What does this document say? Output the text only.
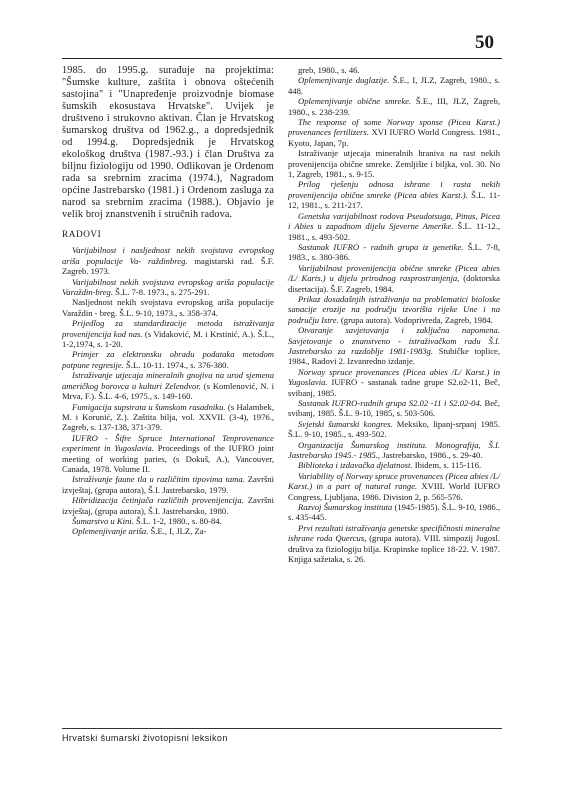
50

1985. do 1995.g. surađuje na projektima: "Šumske kulture, zaštita i obnova oštećenih sastojina" i "Unapređenje proizvodnje biomase šumskih ekosustava Hrvatske". Uvijek je društveno i strukovno aktivan. Član je Hrvatskog šumarskog društva od 1962.g., a dopredsjednik od 1994.g. Dopredsjednik je Hrvatskog ekološkog društva (1987.-93.) i član Društva za biljnu fiziologiju od 1990. Odlikovan je Ordenom rada sa srebrnim zracima (1974.), Nagradom općine Jastrebarsko (1981.) i Ordenom zasluga za narod sa srebrnim zracima (1988.). Objavio je velik broj znanstvenih i stručnih radova.

RADOVI

Varijabilnost i nasljednost nekih svojstava evropskog ariša populacije Va- raždinbreg. magistarski rad. Š.F. Zagreb. 1973.

Varijabilnost nekih svojstava evropskog ariša populacije Varaždin-breg. Š.L. 7-8. 1973., s. 275-291.

Nasljednost nekih svojstava evropskog ariša populacije Varaždin - breg. Š.L. 9-10, 1973., s. 358-374.

Prijedlog za standardizacije metoda istraživanja provenijencija kod nas. (s Vidaković, M. i Krstinić, A.). Š.L., 1-2,1974, s. 1-20.

Primjer za elektronsku obradu podataka metodom potpune regresije. Š.L. 10-11. 1974., s. 376-380.

Istraživanje utjecaja mineralnih gnojiva na urod sjemena američkog borovca u kulturi Zelendvor. (s Komlenović, N. i Mrva, F.). Š.L. 4-6, 1975., s. 149-160.

Fumigacija supstrata u šumskom rasadniku. (s Halambek, M. i Korunić, Z.). Zaštita bilja, vol. XXVII. (3-4), 1976., Zagreb, s. 137-138, 371-379.

IUFRO - Šifre Spruce International Tenprovenance experiment in Yugoslavia. Proceedings of the IUFRO joint meeting of working paries, (s Dokuš, A.), Vancouver, Canada, 1978. Volume II.

Istraživanje faune tla u različitim tipovima tama. Završni izvještaj, (grupa autora), Š.I. Jastrebarsko, 1979.

Hibridizacija četinjača različitih provenijencija. Završni izvještaj, (grupa autora), Š.I. Jastrebarsko, 1980.

Šumarstvo u Kini. Š.L. 1-2, 1980., s. 80-84.

Oplemenjivanje ariša. Š.E., I, JLZ, Za-

greb, 1980., s. 46.

Oplemenjivanje duglazije. Š.E., I, JLZ, Zagreb, 1980., s. 448.

Oplemenjivanje obične smreke. Š.E., III, JLZ, Zagreb, 1980., s. 238-239.

The response of some Norway sponse (Picea Karst.) provenances fertilizers. XVI IUFRO World Congress. 1981., Kyoto, Japan, 7p.

Istraživanje utjecaja mineralnih hraniva na rast nekih provenijencija obične smreke. Zemljište i biljka, vol. 30. No 1, Zagreb, 1981., s. 9-15.

Prilog rješenju odnosa ishrane i rasta nekih provenijencija obične smreke (Picea abies Karst.). Š.L. 11-12, 1981., s. 211-217.

Genetska varijabilnost rodova Pseudotsuga, Pinus, Picea i Abies u zapadnom dijelu Sjeverne Amerike. Š.L. 11-12., 1981., s. 493-502.

Sastanak IUFRO - radnih grupa iz genetike. Š.L. 7-8, 1983., s. 380-386.

Varijabilnost provenijencija obične smreke (Picea abies /L/ Karts.) u dijelu prirodnog rasprostranjenja, (doktorska disertacija). Š.F. Zagreb, 1984.

Prikaz dosadašnjih istraživanja na problematici bioloske sanacije erozije na području izvorišta rijeke Une i na području Istre. (grupa autora). Vodoprivreda, Zagreb, 1984.

Otvaranje savjetovanja i zaključna napomena. Savjetovanje o znanstveno - istraživačkom radu Š.I. Jastrebarsko za razdoblje 1981-1983g. Stubičke toplice, 1984., Radovi 2. Izvanredno izdanje.

Norway spruce provenances (Picea abies /L/ Karst.) in Yugoslavia. IUFRO - sastanak radne grupe S2.o2-11, Beč, svibanj, 1985.

Sastanak IUFRO-radnih grupa S2.02 -11 i S2.02-04. Beč, svibanj, 1985. Š.L. 9-10, 1985, s. 503-506.

Svjetski šumarski kongres. Meksiko, lipanj-srpanj 1985. Š.L. 9-10, 1985., s. 493-502.

Organizacija Šumarskog instituta. Monografija, Š.I. Jastrebarsko 1945.- 1985., Jastrebarsko, 1986., s. 29-40.

Biblioteka i izdavačka djelatnost. Ibidem, s. 115-116.

Variability of Norway spruce provenances (Picea abies /L/ Karst.) in a part of natural range. XVIII. World IUFRO Congress, Ljubljana, 1986. Division 2, p. 565-576.

Razvoj Šumarskog instituta (1945-1985). Š.L. 9-10, 1986., s. 435-445.

Prvi rezultati istraživanja genetske specifičnosti mineralne ishrane roda Quercus, (grupa autora). VIII. simpozij Jugosl. društva za fiziologiju bilja. Krapinske toplice 18-22. V. 1987. Knjiga sažetaka, s. 26.

Hrvatski šumarski životopisni leksikon
